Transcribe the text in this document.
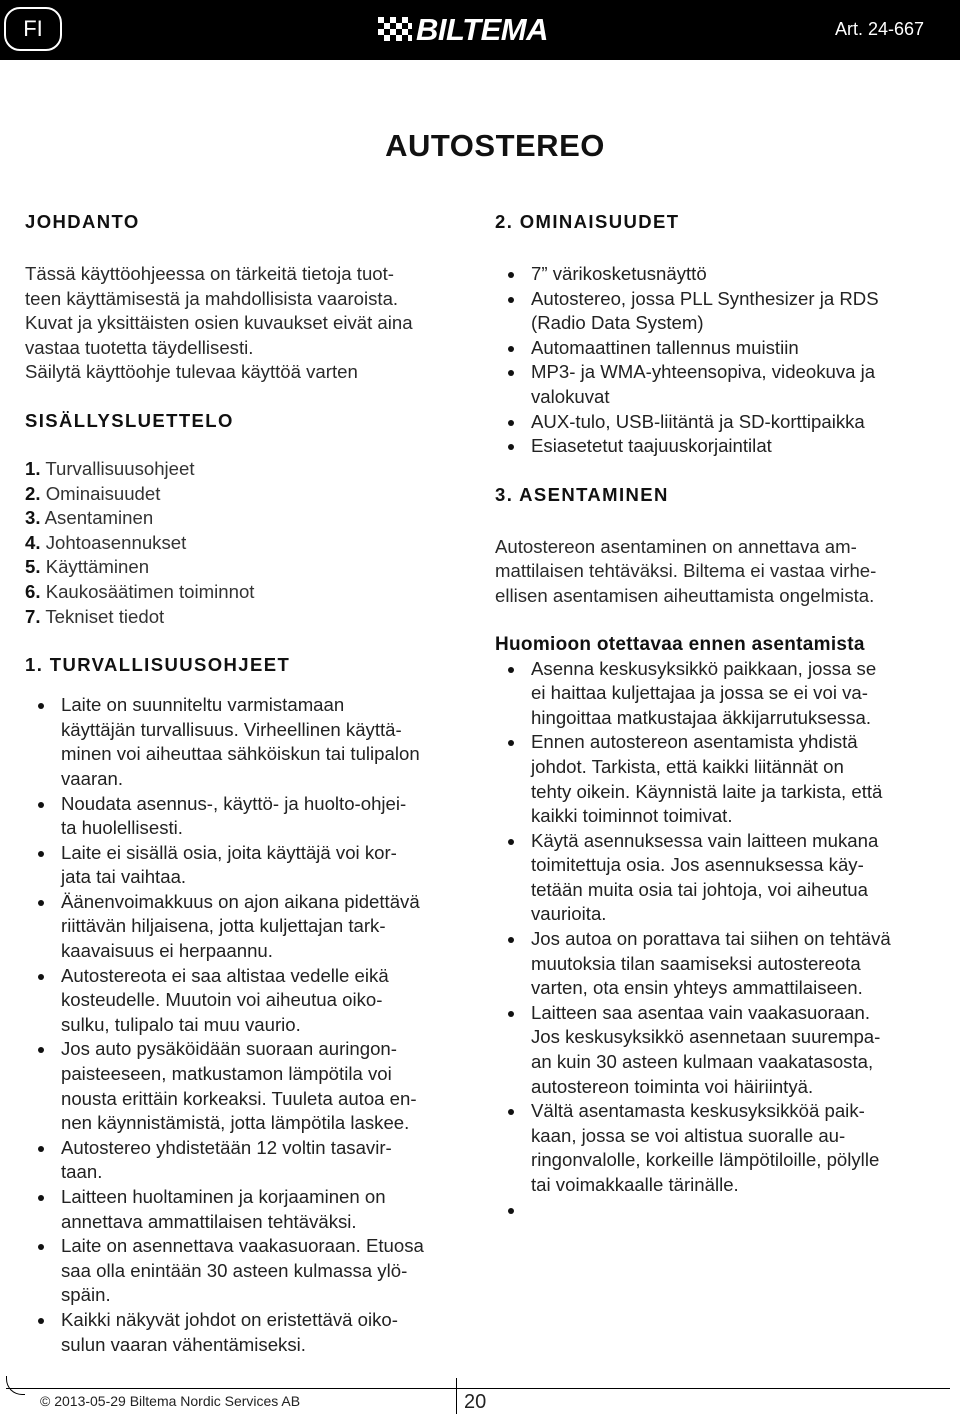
FI	BILTEMA	Art. 24-667
AUTOSTEREO
JOHDANTO
Tässä käyttöohjeessa on tärkeitä tietoja tuot-
teen käyttämisestä ja mahdollisista vaaroista.
Kuvat ja yksittäisten osien kuvaukset eivät aina
vastaa tuotetta täydellisesti.
Säilytä käyttöohje tulevaa käyttöä varten
SISÄLLYSLUETTELO
1. Turvallisuusohjeet
2. Ominaisuudet
3. Asentaminen
4. Johtoasennukset
5. Käyttäminen
6. Kaukosäätimen toiminnot
7. Tekniset tiedot
1. TURVALLISUUSOHJEET
Laite on suunniteltu varmistamaan
käyttäjän turvallisuus. Virheellinen käyttä-
minen voi aiheuttaa sähköiskun tai tulipalon
vaaran.
Noudata asennus-, käyttö- ja huolto-ohjei-
ta huolellisesti.
Laite ei sisällä osia, joita käyttäjä voi kor-
jata tai vaihtaa.
Äänenvoimakkuus on ajon aikana pidettävä
riittävän hiljaisena, jotta kuljettajan tark-
kaavaisuus ei herpaannu.
Autostereota ei saa altistaa vedelle eikä
kosteudelle. Muutoin voi aiheutua oiko-
sulku, tulipalo tai muu vaurio.
Jos auto pysäköidään suoraan auringon-
paisteeseen, matkustamon lämpötila voi
nousta erittäin korkeaksi. Tuuleta autoa en-
nen käynnistämistä, jotta lämpötila laskee.
Autostereo yhdistetään 12 voltin tasavir-
taan.
Laitteen huoltaminen ja korjaaminen on
annettava ammattilaisen tehtäväksi.
Laite on asennettava vaakasuoraan. Etuosa
saa olla enintään 30 asteen kulmassa ylö-
späin.
Kaikki näkyvät johdot on eristettävä oiko-
sulun vaaran vähentämiseksi.
2. OMINAISUUDET
7” värikosketusnäyttö
Autostereo, jossa PLL Synthesizer ja RDS
(Radio Data System)
Automaattinen tallennus muistiin
MP3- ja WMA-yhteensopiva, videokuva ja
valokuvat
AUX-tulo, USB-liitäntä ja SD-korttipaikka
Esiasetetut taajuuskorjaintilat
3. ASENTAMINEN
Autostereon asentaminen on annettava am-
mattilaisen tehtäväksi. Biltema ei vastaa virhe-
ellisen asentamisen aiheuttamista ongelmista.
Huomioon otettavaa ennen asentamista
Asenna keskusyksikkö paikkaan, jossa se
ei haittaa kuljettajaa ja jossa se ei voi va-
hingoittaa matkustajaa äkkijarrutuksessa.
Ennen autostereon asentamista yhdistä
johdot. Tarkista, että kaikki liitännät on
tehty oikein. Käynnistä laite ja tarkista, että
kaikki toiminnot toimivat.
Käytä asennuksessa vain laitteen mukana
toimitettuja osia. Jos asennuksessa käy-
tetään muita osia tai johtoja, voi aiheutua
vaurioita.
Jos autoa on porattava tai siihen on tehtävä
muutoksia tilan saamiseksi autostereota
varten, ota ensin yhteys ammattilaiseen.
Laitteen saa asentaa vain vaakasuoraan.
Jos keskusyksikkö asennetaan suurempa-
an kuin 30 asteen kulmaan vaakatasosta,
autostereon toiminta voi häiriintyä.
Vältä asentamasta keskusyksikköä paik-
kaan, jossa se voi altistua suoralle au-
ringonvalolle, korkeille lämpötiloille, pölylle
tai voimakkaalle tärinälle.
© 2013-05-29 Biltema Nordic Services AB	20
